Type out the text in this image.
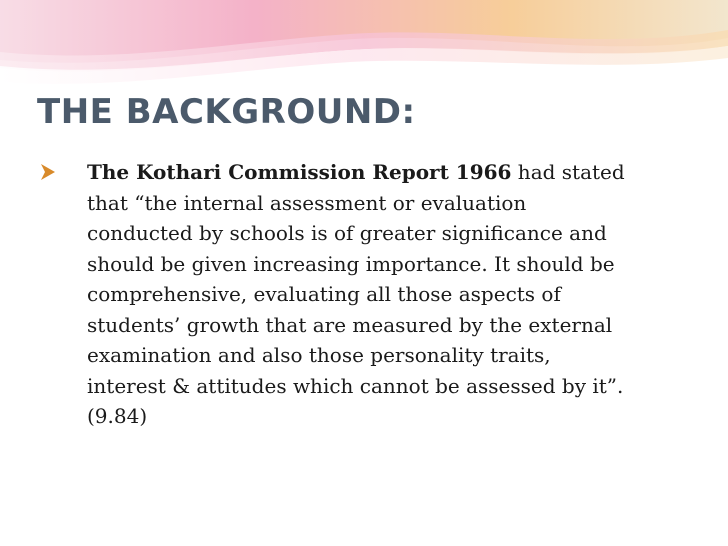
THE BACKGROUND:
The Kothari Commission Report 1966 had stated
that “the internal assessment or evaluation
conducted by schools is of greater significance and
should be given increasing importance. It should be
comprehensive, evaluating all those aspects of
students’ growth that are measured by the external
examination and also those personality traits,
interest & attitudes which cannot be assessed by it”.
(9.84)
